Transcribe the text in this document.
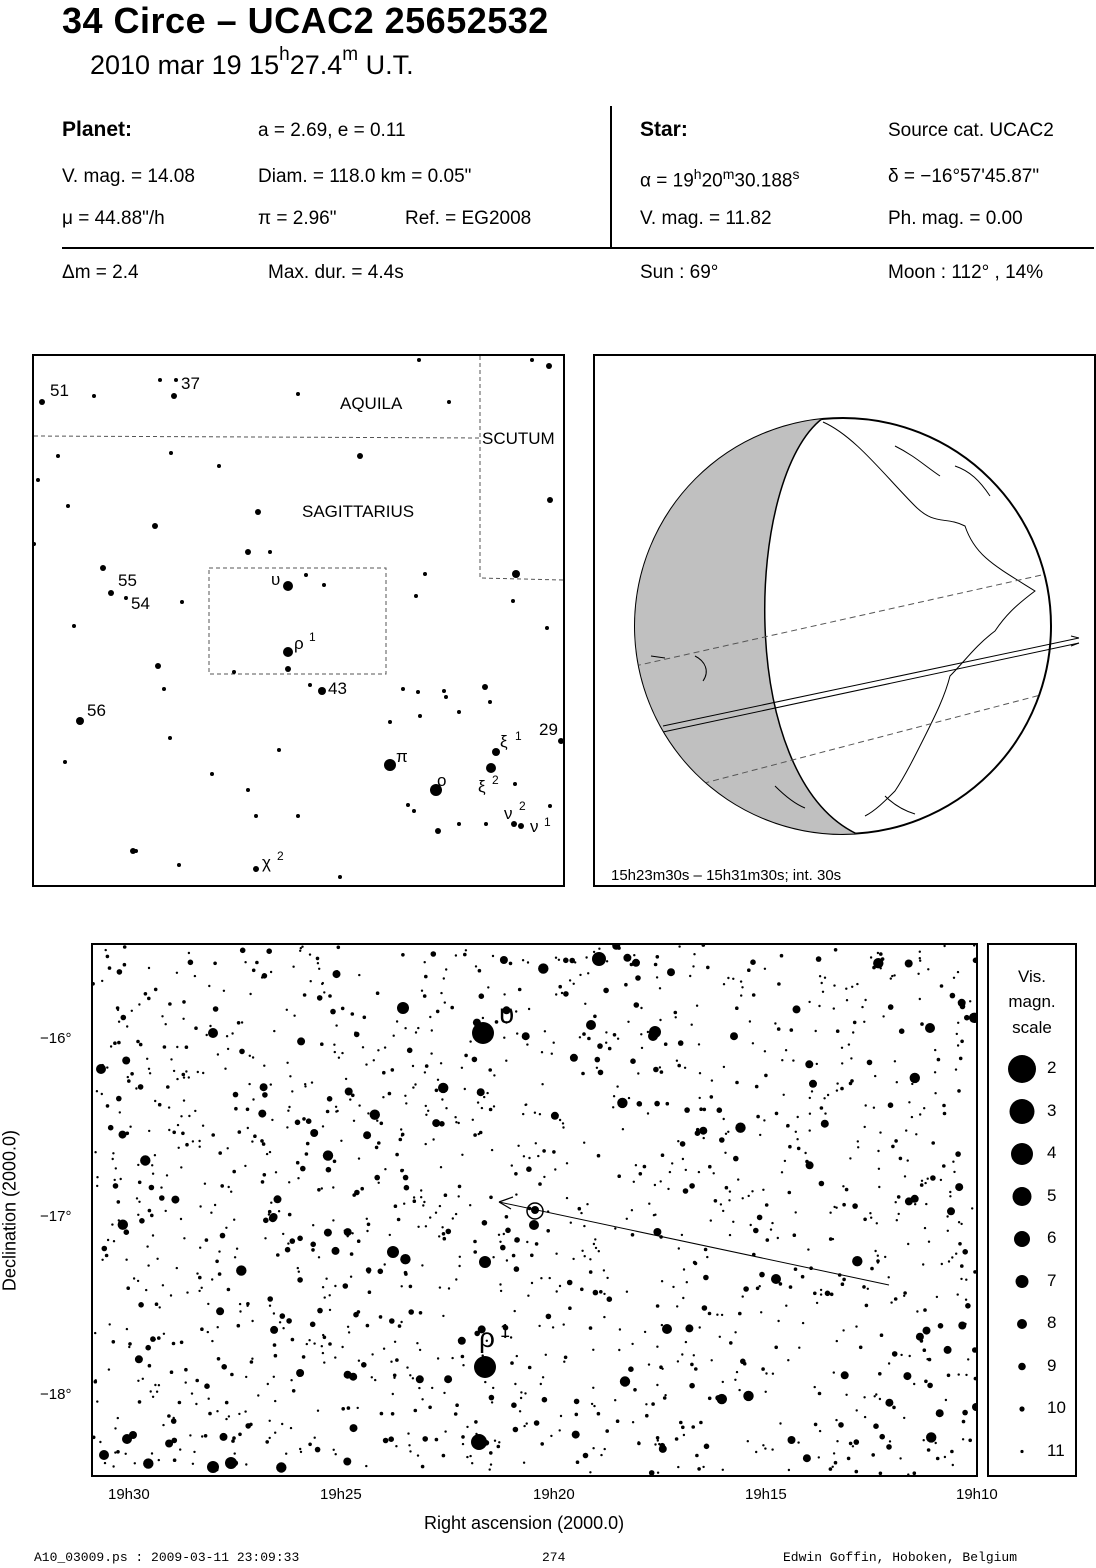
34 Circe – UCAC2 25652532
2010 mar 19 15$^h$27.4$^m$ U.T.
Planet:	a = 2.69, e = 0.11
V. mag. = 14.08	Diam. = 118.0 km = 0.05"
μ = 44.88"/h	π = 2.96"	Ref. = EG2008
Star:	Source cat. UCAC2
$\alpha = 19^h20^m30.188^s$	δ = −16°57'45.87"
V. mag. = 11.82	Ph. mag. = 0.00
Δm = 2.4	Max. dur. = 4.4s	Sun : 69°	Moon : 112° , 14%
AQUILA
SCUTUM
SAGITTARIUS
51	37
55
54
56
43
29
υ
ρ 1
π
o
ξ 1
ξ 2
ν 2
ν 1
χ 2
15h23m30s – 15h31m30s; int. 30s
υ
ρ 1
−16°
−17°
−18°
19h30	19h25	19h20	19h15	19h10
Right ascension (2000.0)
Declination (2000.0)
Vis.
magn.
scale
2
3
4
5
6
7
8
9
10
11
A10_03009.ps : 2009-03-11 23:09:33	274	Edwin Goffin, Hoboken, Belgium
